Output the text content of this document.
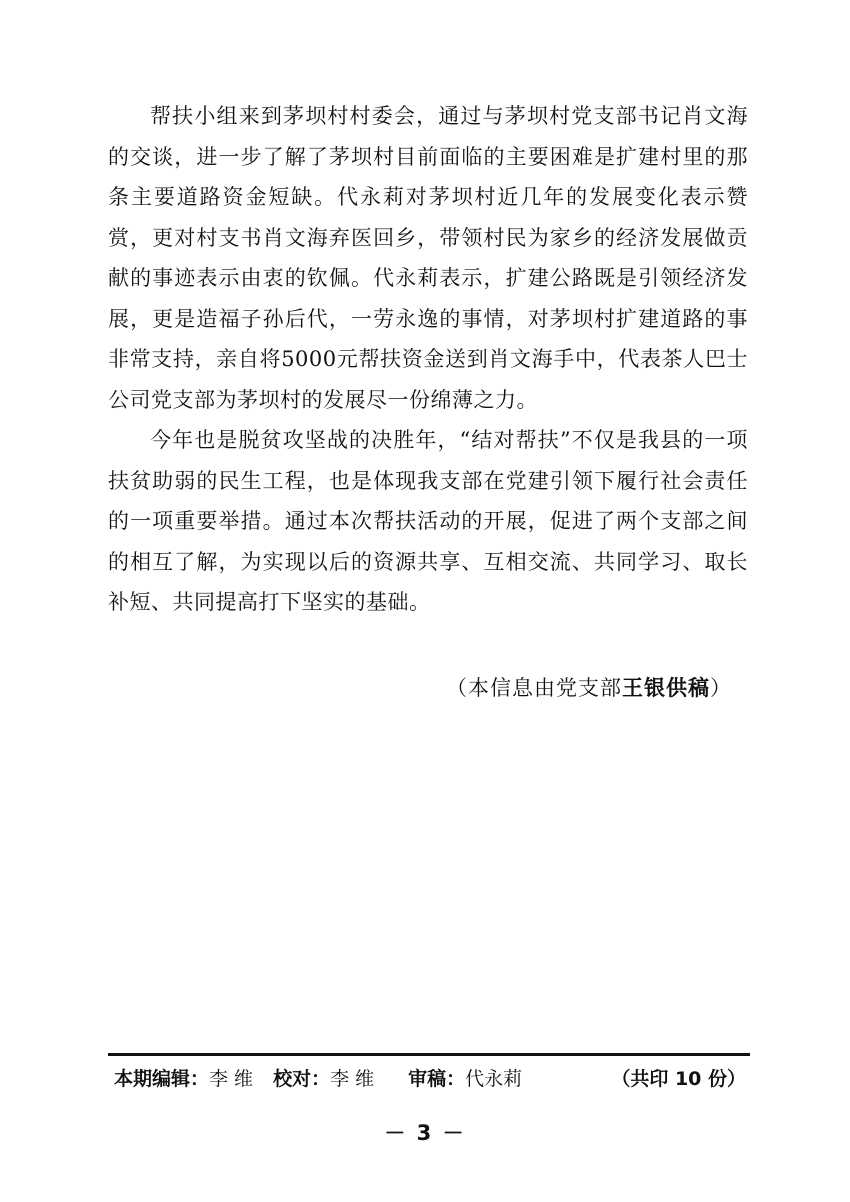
帮扶小组来到茅坝村村委会，通过与茅坝村党支部书记肖文海的交谈，进一步了解了茅坝村目前面临的主要困难是扩建村里的那条主要道路资金短缺。代永莉对茅坝村近几年的发展变化表示赞赏，更对村支书肖文海弃医回乡，带领村民为家乡的经济发展做贡献的事迹表示由衷的钦佩。代永莉表示，扩建公路既是引领经济发展，更是造福子孙后代，一劳永逸的事情，对茅坝村扩建道路的事非常支持，亲自将5000元帮扶资金送到肖文海手中，代表茶人巴士公司党支部为茅坝村的发展尽一份绵薄之力。

今年也是脱贫攻坚战的决胜年，“结对帮扶”不仅是我县的一项扶贫助弱的民生工程，也是体现我支部在党建引领下履行社会责任的一项重要举措。通过本次帮扶活动的开展，促进了两个支部之间的相互了解，为实现以后的资源共享、互相交流、共同学习、取长补短、共同提高打下坚实的基础。

（本信息由党支部王银供稿）
本期编辑：李 维 校对：李 维 审稿：代永莉	（共印 10 份）
－ 3 －
